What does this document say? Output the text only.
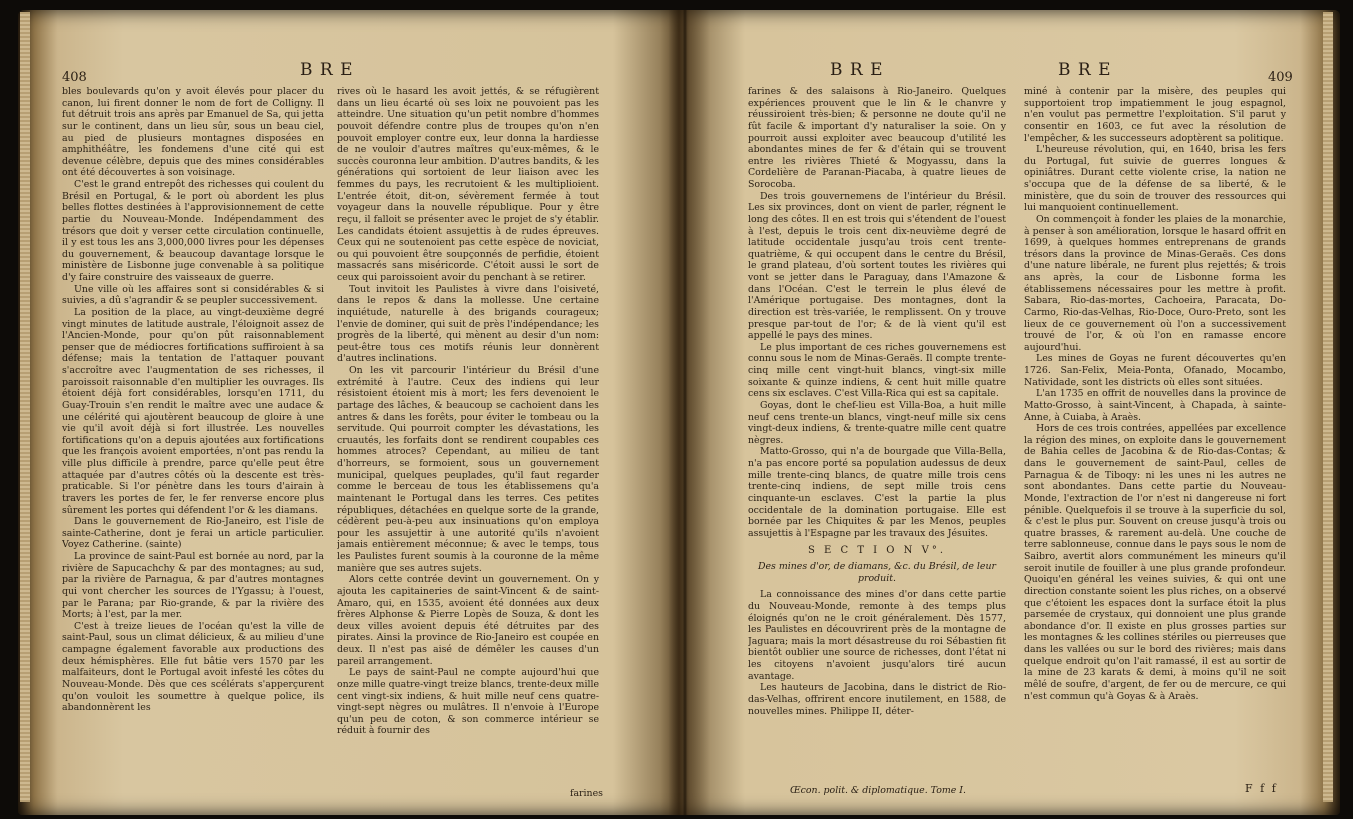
408	B R E

bles boulevards qu'on y avoit élevés pour placer du canon, lui firent donner le nom de fort de Colligny. Il fut détruit trois ans après par Emanuel de Sa, qui jetta sur le continent, dans un lieu sûr, sous un beau ciel, au pied de plusieurs montagnes disposées en amphithéâtre, les fondemens d'une cité qui est devenue célèbre, depuis que des mines considérables ont été découvertes à son voisinage.

C'est le grand entrepôt des richesses qui coulent du Brésil en Portugal, & le port où abordent les plus belles flottes destinées à l'approvisionnement de cette partie du Nouveau-Monde. Indépendamment des trésors que doit y verser cette circulation continuelle, il y est tous les ans 3,000,000 livres pour les dépenses du gouvernement, & beaucoup davantage lorsque le ministère de Lisbonne juge convenable à sa politique d'y faire construire des vaisseaux de guerre.

Une ville où les affaires sont si considérables & si suivies, a dû s'agrandir & se peupler successivement.

La position de la place, au vingt-deuxième degré vingt minutes de latitude australe, l'éloignoit assez de l'Ancien-Monde, pour qu'on pût raisonnablement penser que de médiocres fortifications suffiroient à sa défense; mais la tentation de l'attaquer pouvant s'accroître avec l'augmentation de ses richesses, il paroissoit raisonnable d'en multiplier les ouvrages. Ils étoient déjà fort considérables, lorsqu'en 1711, du Guay-Trouin s'en rendit le maître avec une audace & une célérité qui ajoutèrent beaucoup de gloire à une vie qu'il avoit déjà si fort illustrée. Les nouvelles fortifications qu'on a depuis ajoutées aux fortifications que les françois avoient emportées, n'ont pas rendu la ville plus difficile à prendre, parce qu'elle peut être attaquée par d'autres côtés où la descente est très-praticable. Si l'or pénètre dans les tours d'airain à travers les portes de fer, le fer renverse encore plus sûrement les portes qui défendent l'or & les diamans.

Dans le gouvernement de Rio-Janeiro, est l'isle de sainte-Catherine, dont je ferai un article particulier. Voyez Catherine. (sainte)

La province de saint-Paul est bornée au nord, par la rivière de Sapucachchy & par des montagnes; au sud, par la rivière de Parnagua, & par d'autres montagnes qui vont chercher les sources de l'Ygassu; à l'ouest, par le Parana; par Rio-grande, & par la rivière des Morts; à l'est, par la mer.

C'est à treize lieues de l'océan qu'est la ville de saint-Paul, sous un climat délicieux, & au milieu d'une campagne également favorable aux productions des deux hémisphères. Elle fut bâtie vers 1570 par les malfaiteurs, dont le Portugal avoit infesté les côtes du Nouveau-Monde. Dès que ces scélérats s'apperçurent qu'on vouloit les soumettre à quelque police, ils abandonnèrent les

rives où le hasard les avoit jettés, & se réfugièrent dans un lieu écarté où ses loix ne pouvoient pas les atteindre. Une situation qu'un petit nombre d'hommes pouvoit défendre contre plus de troupes qu'on n'en pouvoit employer contre eux, leur donna la hardiesse de ne vouloir d'autres maîtres qu'eux-mêmes, & le succès couronna leur ambition. D'autres bandits, & les générations qui sortoient de leur liaison avec les femmes du pays, les recrutoient & les multiplioient. L'entrée étoit, dit-on, sévèrement fermée à tout voyageur dans la nouvelle république. Pour y être reçu, il falloit se présenter avec le projet de s'y établir. Les candidats étoient assujettis à de rudes épreuves. Ceux qui ne soutenoient pas cette espèce de noviciat, ou qui pouvoient être soupçonnés de perfidie, étoient massacrés sans miséricorde. C'étoit aussi le sort de ceux qui paroissoient avoir du penchant à se retirer.

Tout invitoit les Paulistes à vivre dans l'oisiveté, dans le repos & dans la mollesse. Une certaine inquiétude, naturelle à des brigands courageux; l'envie de dominer, qui suit de près l'indépendance; les progrès de la liberté, qui mènent au desir d'un nom: peut-être tous ces motifs réunis leur donnèrent d'autres inclinations.

On les vit parcourir l'intérieur du Brésil d'une extrémité à l'autre. Ceux des indiens qui leur résistoient étoient mis à mort; les fers devenoient le partage des lâches, & beaucoup se cachoient dans les antres & dans les forêts, pour éviter le tombeau ou la servitude. Qui pourroit compter les dévastations, les cruautés, les forfaits dont se rendirent coupables ces hommes atroces? Cependant, au milieu de tant d'horreurs, se formoient, sous un gouvernement municipal, quelques peuplades, qu'il faut regarder comme le berceau de tous les établissemens qu'a maintenant le Portugal dans les terres. Ces petites républiques, détachées en quelque sorte de la grande, cédèrent peu-à-peu aux insinuations qu'on employa pour les assujettir à une autorité qu'ils n'avoient jamais entièrement méconnue; & avec le temps, tous les Paulistes furent soumis à la couronne de la même manière que ses autres sujets.

Alors cette contrée devint un gouvernement. On y ajouta les capitaineries de saint-Vincent & de saint-Amaro, qui, en 1535, avoient été données aux deux frères Alphonse & Pierre Lopès de Souza, & dont les deux villes avoient depuis été détruites par des pirates. Ainsi la province de Rio-Janeiro est coupée en deux. Il n'est pas aisé de démêler les causes d'un pareil arrangement.

Le pays de saint-Paul ne compte aujourd'hui que onze mille quatre-vingt treize blancs, trente-deux mille cent vingt-six indiens, & huit mille neuf cens quatre-vingt-sept nègres ou mulâtres. Il n'envoie à l'Europe qu'un peu de coton, & son commerce intérieur se réduit à fournir des

farines
B R E	B R E	409

farines & des salaisons à Rio-Janeiro. Quelques expériences prouvent que le lin & le chanvre y réussiroient très-bien; & personne ne doute qu'il ne fût facile & important d'y naturaliser la soie. On y pourroit aussi exploiter avec beaucoup d'utilité les abondantes mines de fer & d'étain qui se trouvent entre les rivières Thieté & Mogyassu, dans la Cordelière de Paranan-Piacaba, à quatre lieues de Sorocoba.

Des trois gouvernemens de l'intérieur du Brésil. Les six provinces, dont on vient de parler, régnent le long des côtes. Il en est trois qui s'étendent de l'ouest à l'est, depuis le trois cent dix-neuvième degré de latitude occidentale jusqu'au trois cent trente-quatrième, & qui occupent dans le centre du Brésil, le grand plateau, d'où sortent toutes les rivières qui vont se jetter dans le Paraguay, dans l'Amazone & dans l'Océan. C'est le terrein le plus élevé de l'Amérique portugaise. Des montagnes, dont la direction est très-variée, le remplissent. On y trouve presque par-tout de l'or; & de là vient qu'il est appellé le pays des mines.

Le plus important de ces riches gouvernemens est connu sous le nom de Minas-Geraës. Il compte trente-cinq mille cent vingt-huit blancs, vingt-six mille soixante & quinze indiens, & cent huit mille quatre cens six esclaves. C'est Villa-Rica qui est sa capitale.

Goyas, dont le chef-lieu est Villa-Boa, a huit mille neuf cens trente-un blancs, vingt-neuf mille six cens vingt-deux indiens, & trente-quatre mille cent quatre nègres.

Matto-Grosso, qui n'a de bourgade que Villa-Bella, n'a pas encore porté sa population audessus de deux mille trente-cinq blancs, de quatre mille trois cens trente-cinq indiens, de sept mille trois cens cinquante-un esclaves. C'est la partie la plus occidentale de la domination portugaise. Elle est bornée par les Chiquites & par les Menos, peuples assujettis à l'Espagne par les travaux des Jésuites.

S E C T I O N V°.
Des mines d'or, de diamans, &c. du Brésil, de leur produit.

La connoissance des mines d'or dans cette partie du Nouveau-Monde, remonte à des temps plus éloignés qu'on ne le croit généralement. Dès 1577, les Paulistes en découvrirent près de la montagne de Jaguara; mais la mort désastreuse du roi Sébastien fit bientôt oublier une source de richesses, dont l'état ni les citoyens n'avoient jusqu'alors tiré aucun avantage.

Les hauteurs de Jacobina, dans le district de Rio-das-Velhas, offrirent encore inutilement, en 1588, de nouvelles mines. Philippe II, déter-

miné à contenir par la misère, des peuples qui supportoient trop impatiemment le joug espagnol, n'en voulut pas permettre l'exploitation. S'il parut y consentir en 1603, ce fut avec la résolution de l'empêcher, & les successeurs adoptèrent sa politique.

L'heureuse révolution, qui, en 1640, brisa les fers du Portugal, fut suivie de guerres longues & opiniâtres. Durant cette violente crise, la nation ne s'occupa que de la défense de sa liberté, & le ministère, que du soin de trouver des ressources qui lui manquoient continuellement.

On commençoit à fonder les plaies de la monarchie, à penser à son amélioration, lorsque le hasard offrit en 1699, à quelques hommes entreprenans de grands trésors dans la province de Minas-Geraës. Ces dons d'une nature libérale, ne furent plus rejettés; & trois ans après, la cour de Lisbonne forma les établissemens nécessaires pour les mettre à profit. Sabara, Rio-das-mortes, Cachoeira, Paracata, Do-Carmo, Rio-das-Velhas, Rio-Doce, Ouro-Preto, sont les lieux de ce gouvernement où l'on a successivement trouvé de l'or, & où l'on en ramasse encore aujourd'hui.

Les mines de Goyas ne furent découvertes qu'en 1726. San-Felix, Meia-Ponta, Ofanado, Mocambo, Natividade, sont les districts où elles sont situées.

L'an 1735 en offrit de nouvelles dans la province de Matto-Grosso, à saint-Vincent, à Chapada, à sainte-Anne, à Cuiaba, à Araès.

Hors de ces trois contrées, appellées par excellence la région des mines, on exploite dans le gouvernement de Bahia celles de Jacobina & de Rio-das-Contas; & dans le gouvernement de saint-Paul, celles de Parnagua & de Tiboqy: ni les unes ni les autres ne sont abondantes. Dans cette partie du Nouveau-Monde, l'extraction de l'or n'est ni dangereuse ni fort pénible. Quelquefois il se trouve à la superficie du sol, & c'est le plus pur. Souvent on creuse jusqu'à trois ou quatre brasses, & rarement au-delà. Une couche de terre sablonneuse, connue dans le pays sous le nom de Saibro, avertit alors communément les mineurs qu'il seroit inutile de fouiller à une plus grande profondeur. Quoiqu'en général les veines suivies, & qui ont une direction constante soient les plus riches, on a observé que c'étoient les espaces dont la surface étoit la plus parsemée de crystaux, qui donnoient une plus grande abondance d'or. Il existe en plus grosses parties sur les montagnes & les collines stériles ou pierreuses que dans les vallées ou sur le bord des rivières; mais dans quelque endroit qu'on l'ait ramassé, il est au sortir de la mine de 23 karats & demi, à moins qu'il ne soit mêlé de soufre, d'argent, de fer ou de mercure, ce qui n'est commun qu'à Goyas & à Araès.

Œcon. polit. & diplomatique. Tome I.	F f f
